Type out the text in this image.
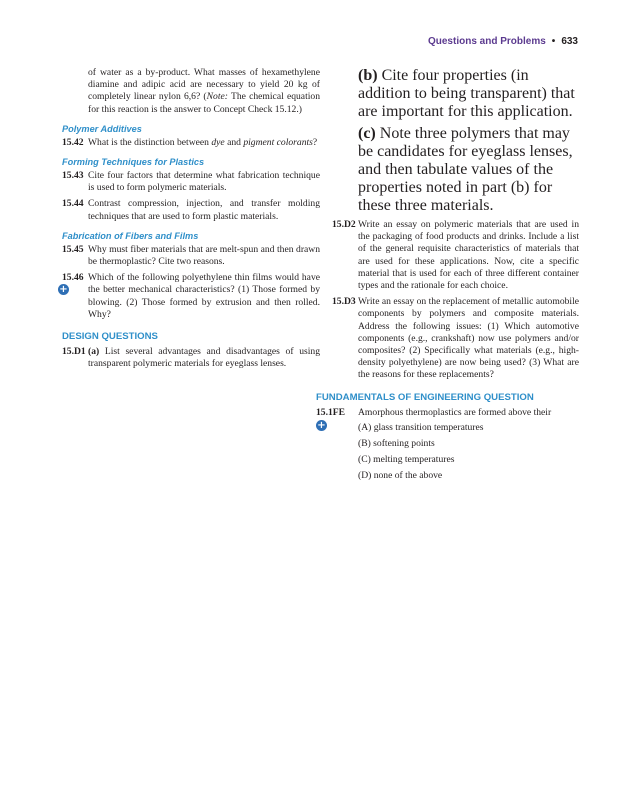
Questions and Problems • 633

of water as a by-product. What masses of hexamethylene diamine and adipic acid are necessary to yield 20 kg of completely linear nylon 6,6? (Note: The chemical equation for this reaction is the answer to Concept Check 15.12.)

Polymer Additives
15.42 What is the distinction between dye and pigment colorants?
Forming Techniques for Plastics
15.43 Cite four factors that determine what fabrication technique is used to form polymeric materials.
15.44 Contrast compression, injection, and transfer molding techniques that are used to form plastic materials.
Fabrication of Fibers and Films
15.45 Why must fiber materials that are melt-spun and then drawn be thermoplastic? Cite two reasons.
15.46
+
Which of the following polyethylene thin films would have the better mechanical characteristics? (1) Those formed by blowing. (2) Those formed by extrusion and then rolled. Why?
DESIGN QUESTIONS
15.D1 (a) List several advantages and disadvantages of using transparent polymeric materials for eyeglass lenses.
(b) Cite four properties (in addition to being transparent) that are important for this application.
(c) Note three polymers that may be candidates for eyeglass lenses, and then tabulate values of the properties noted in part (b) for these three materials.
15.D2 Write an essay on polymeric materials that are used in the packaging of food products and drinks. Include a list of the general requisite characteristics of materials that are used for these applications. Now, cite a specific material that is used for each of three different container types and the rationale for each choice.
15.D3 Write an essay on the replacement of metallic automobile components by polymers and composite materials. Address the following issues: (1) Which automotive components (e.g., crankshaft) now use polymers and/or composites? (2) Specifically what materials (e.g., high-density polyethylene) are now being used? (3) What are the reasons for these replacements?
FUNDAMENTALS OF ENGINEERING QUESTION
15.1FE
+
Amorphous thermoplastics are formed above their
(A) glass transition temperatures
(B) softening points
(C) melting temperatures
(D) none of the above
